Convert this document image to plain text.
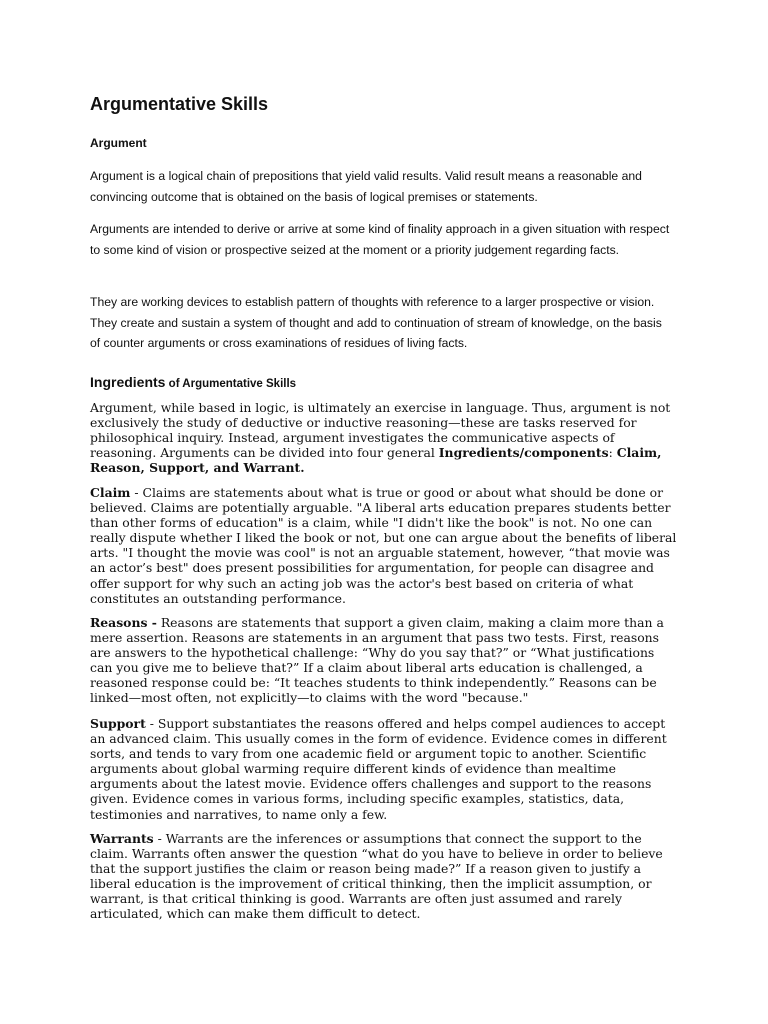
Argumentative Skills
Argument

Argument is a logical chain of prepositions that yield valid results. Valid result means a reasonable and convincing outcome that is obtained on the basis of logical premises or statements.

Arguments are intended to derive or arrive at some kind of finality approach in a given situation with respect to some kind of vision or prospective seized at the moment or a priority judgement regarding facts.

They are working devices to establish pattern of thoughts with reference to a larger prospective or vision. They create and sustain a system of thought and add to continuation of stream of knowledge, on the basis of counter arguments or cross examinations of residues of living facts.

Ingredients of Argumentative Skills

Argument, while based in logic, is ultimately an exercise in language. Thus, argument is not exclusively the study of deductive or inductive reasoning—these are tasks reserved for philosophical inquiry. Instead, argument investigates the communicative aspects of reasoning. Arguments can be divided into four general Ingredients/components: Claim, Reason, Support, and Warrant.

Claim - Claims are statements about what is true or good or about what should be done or believed. Claims are potentially arguable. "A liberal arts education prepares students better than other forms of education" is a claim, while "I didn't like the book" is not. No one can really dispute whether I liked the book or not, but one can argue about the benefits of liberal arts. "I thought the movie was cool" is not an arguable statement, however, “that movie was an actor’s best" does present possibilities for argumentation, for people can disagree and offer support for why such an acting job was the actor's best based on criteria of what constitutes an outstanding performance.

Reasons - Reasons are statements that support a given claim, making a claim more than a mere assertion. Reasons are statements in an argument that pass two tests. First, reasons are answers to the hypothetical challenge: “Why do you say that?” or “What justifications can you give me to believe that?” If a claim about liberal arts education is challenged, a reasoned response could be: “It teaches students to think independently.” Reasons can be linked—most often, not explicitly—to claims with the word "because."

Support - Support substantiates the reasons offered and helps compel audiences to accept an advanced claim. This usually comes in the form of evidence. Evidence comes in different sorts, and tends to vary from one academic field or argument topic to another. Scientific arguments about global warming require different kinds of evidence than mealtime arguments about the latest movie. Evidence offers challenges and support to the reasons given. Evidence comes in various forms, including specific examples, statistics, data, testimonies and narratives, to name only a few.

Warrants - Warrants are the inferences or assumptions that connect the support to the claim. Warrants often answer the question “what do you have to believe in order to believe that the support justifies the claim or reason being made?” If a reason given to justify a liberal education is the improvement of critical thinking, then the implicit assumption, or warrant, is that critical thinking is good. Warrants are often just assumed and rarely articulated, which can make them difficult to detect.
